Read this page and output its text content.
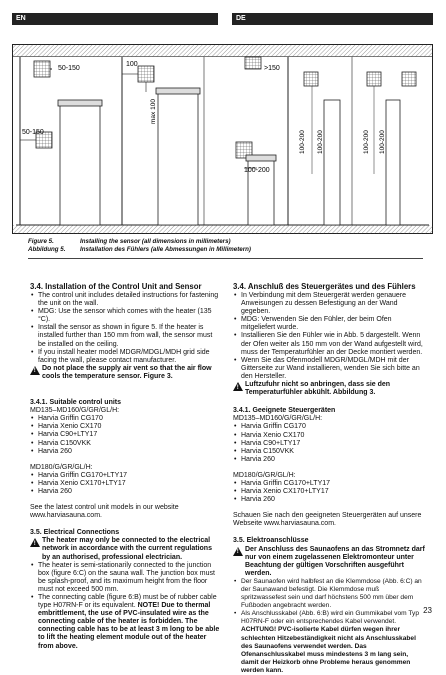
EN	DE
50-150
50-150
100
max 100
>150
100-200
100-200 100-200	100-200 100-200
Figure 5.	Installing the sensor (all dimensions in millimeters)
Abbildung 5. Installation des Fühlers (alle Abmessungen in Millimetern)
3.4. Installation of the Control Unit and Sensor
• The control unit includes detailed instructions for fastening the unit on the wall.
• MDG: Use the sensor which comes with the heater (135 °C).
• Install the sensor as shown in figure 5. If the heater is installed further than 150 mm from wall, the sensor must be installed on the ceiling.
• If you install heater model MDGR/MDGL/MDH grid side facing the wall, please contact manufacturer.
!
Do not place the supply air vent so that the air flow cools the temperature sensor. Figure 3.
3.4.1. Suitable control units

MD135–MD160/G/GR/GL/H:

• Harvia Griffin CG170
• Harvia Xenio CX170
• Harvia C90+LTY17
• Harvia C150VKK
• Harvia 260

MD180/G/GR/GL/H:

• Harvia Griffin CG170+LTY17
• Harvia Xenio CX170+LTY17
• Harvia 260

See the latest control unit models in our website www.harviasauna.com.

3.5. Electrical Connections
!
The heater may only be connected to the electrical network in accordance with the current regulations by an authorised, professional electrician.
• The heater is semi-stationarily connected to the junction box (figure 6:C) on the sauna wall. The junction box must be splash-proof, and its maximum height from the floor must not exceed 500 mm.
• The connecting cable (figure 6:B) must be of rubber cable type H07RN-F or its equivalent. NOTE! Due to thermal embrittlement, the use of PVC-insulated wire as the connecting cable of the heater is forbidden. The connecting cable has to be at least 3 m long to be able to lift the heating element module out of the heater from above.
3.4. Anschluß des Steuergerätes und des Fühlers
• In Verbindung mit dem Steuergerät werden genauere Anweisungen zu dessen Befestigung an der Wand gegeben.
• MDG: Verwenden Sie den Fühler, der beim Ofen mitgeliefert wurde.
• Installieren Sie den Fühler wie in Abb. 5 dargestellt. Wenn der Ofen weiter als 150 mm von der Wand aufgestellt wird, muss der Temperaturfühler an der Decke montiert werden.
• Wenn Sie das Ofenmodell MDGR/MDGL/MDH mit der Gitterseite zur Wand installieren, wenden Sie sich bitte an den Hersteller.
!
Luftzufuhr nicht so anbringen, dass sie den Temperaturfühler abkühlt. Abbildung 3.
3.4.1. Geeignete Steuergeräten

MD135–MD160/G/GR/GL/H:

• Harvia Griffin CG170
• Harvia Xenio CX170
• Harvia C90+LTY17
• Harvia C150VKK
• Harvia 260

MD180/G/GR/GL/H:

• Harvia Griffin CG170+LTY17
• Harvia Xenio CX170+LTY17
• Harvia 260

Schauen Sie nach den geeigneten Steuergeräten auf unsere Webseite www.harviasauna.com.

3.5. Elektroanschlüsse
!
Der Anschluss des Saunaofens an das Stromnetz darf nur von einem zugelassenen Elektromonteur unter Beachtung der gültigen Vorschriften ausgeführt werden.
• Der Saunaofen wird halbfest an die Klemmdose (Abb. 6:C) an der Saunawand befestigt. Die Klemmdose muß spritzwassefest sein und darf höchstens 500 mm über dem Fußboden angebracht werden.
• Als Anschlusskabel (Abb. 6:B) wird ein Gummikabel vom Typ H07RN-F oder ein entsprechendes Kabel verwendet. ACHTUNG! PVC-isolierte Kabel dürfen wegen ihrer schlechten Hitzebeständigkeit nicht als Anschlusskabel des Saunaofens verwendet werden. Das Ofenanschlusskabel muss mindestens 3 m lang sein, damit der Heizkorb ohne Probleme heraus genommen werden kann.
23
